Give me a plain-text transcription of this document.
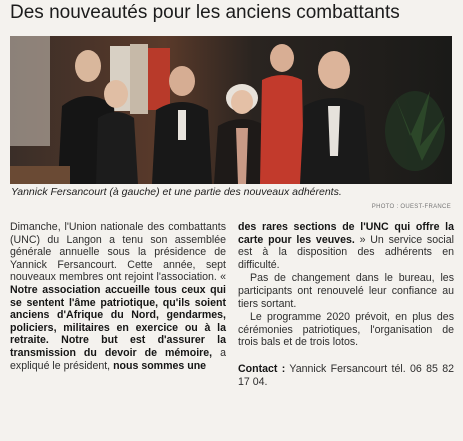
Des nouveautés pour les anciens combattants
Yannick Fersancourt (à gauche) et une partie des nouveaux adhérents.
PHOTO : OUEST-FRANCE

Dimanche, l'Union nationale des combattants (UNC) du Langon a tenu son assemblée générale annuelle sous la présidence de Yannick Fersancourt. Cette année, sept nouveaux membres ont rejoint l'association. « Notre association accueille tous ceux qui se sentent l'âme patriotique, qu'ils soient anciens d'Afrique du Nord, gendarmes, policiers, militaires en exercice ou à la retraite. Notre but est d'assurer la transmission du devoir de mémoire, a expliqué le président, nous sommes une

des rares sections de l'UNC qui offre la carte pour les veuves. » Un service social est à la disposition des adhérents en difficulté.

Pas de changement dans le bureau, les participants ont renouvelé leur confiance au tiers sortant.

Le programme 2020 prévoit, en plus des cérémonies patriotiques, l'organisation de trois bals et de trois lotos.

Contact : Yannick Fersancourt tél. 06 85 82 17 04.
